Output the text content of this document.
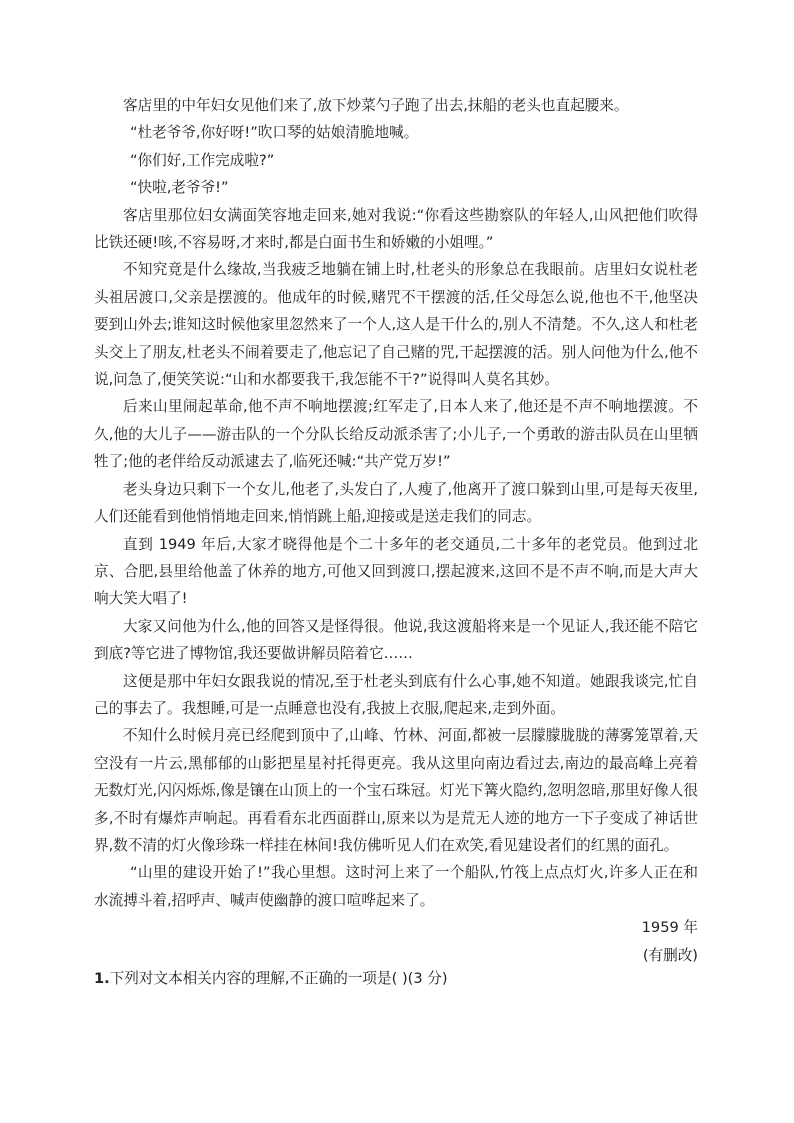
客店里的中年妇女见他们来了,放下炒菜勺子跑了出去,抹船的老头也直起腰来。

“杜老爷爷,你好呀!”吹口琴的姑娘清脆地喊。

“你们好,工作完成啦?”

“快啦,老爷爷!”

客店里那位妇女满面笑容地走回来,她对我说:“你看这些勘察队的年轻人,山风把他们吹得比铁还硬!咳,不容易呀,才来时,都是白面书生和娇嫩的小姐哩。”

不知究竟是什么缘故,当我疲乏地躺在铺上时,杜老头的形象总在我眼前。店里妇女说杜老头祖居渡口,父亲是摆渡的。他成年的时候,赌咒不干摆渡的活,任父母怎么说,他也不干,他坚决要到山外去;谁知这时候他家里忽然来了一个人,这人是干什么的,别人不清楚。不久,这人和杜老头交上了朋友,杜老头不闹着要走了,他忘记了自己赌的咒,干起摆渡的活。别人问他为什么,他不说,问急了,便笑笑说:“山和水都要我干,我怎能不干?”说得叫人莫名其妙。

后来山里闹起革命,他不声不响地摆渡;红军走了,日本人来了,他还是不声不响地摆渡。不久,他的大儿子——游击队的一个分队长给反动派杀害了;小儿子,一个勇敢的游击队员在山里牺牲了;他的老伴给反动派逮去了,临死还喊:“共产党万岁!”

老头身边只剩下一个女儿,他老了,头发白了,人瘦了,他离开了渡口躲到山里,可是每天夜里,人们还能看到他悄悄地走回来,悄悄跳上船,迎接或是送走我们的同志。

直到 1949 年后,大家才晓得他是个二十多年的老交通员,二十多年的老党员。他到过北京、合肥,县里给他盖了休养的地方,可他又回到渡口,摆起渡来,这回不是不声不响,而是大声大响大笑大唱了!

大家又问他为什么,他的回答又是怪得很。他说,我这渡船将来是一个见证人,我还能不陪它到底?等它进了博物馆,我还要做讲解员陪着它……

这便是那中年妇女跟我说的情况,至于杜老头到底有什么心事,她不知道。她跟我谈完,忙自己的事去了。我想睡,可是一点睡意也没有,我披上衣服,爬起来,走到外面。

不知什么时候月亮已经爬到顶中了,山峰、竹林、河面,都被一层朦朦胧胧的薄雾笼罩着,天空没有一片云,黑郁郁的山影把星星衬托得更亮。我从这里向南边看过去,南边的最高峰上亮着无数灯光,闪闪烁烁,像是镶在山顶上的一个宝石珠冠。灯光下篝火隐约,忽明忽暗,那里好像人很多,不时有爆炸声响起。再看看东北西面群山,原来以为是荒无人迹的地方一下子变成了神话世界,数不清的灯火像珍珠一样挂在林间!我仿佛听见人们在欢笑,看见建设者们的红黑的面孔。

“山里的建设开始了!”我心里想。这时河上来了一个船队,竹筏上点点灯火,许多人正在和水流搏斗着,招呼声、喊声使幽静的渡口喧哗起来了。

1959 年

(有删改)

1.下列对文本相关内容的理解,不正确的一项是( )(3 分)
